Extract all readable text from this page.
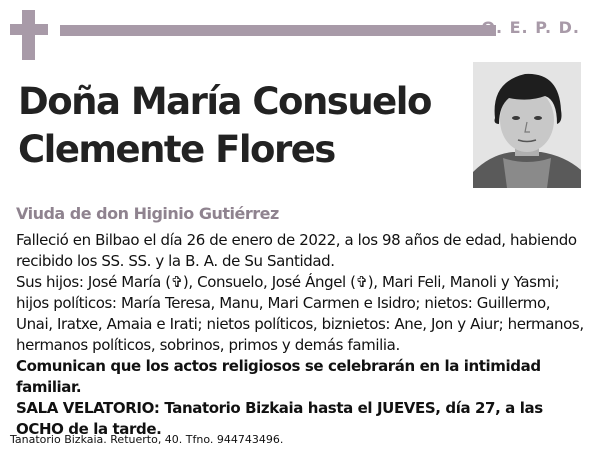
Q. E. P. D.
Doña María Consuelo
Clemente Flores
Viuda de don Higinio Gutiérrez

Falleció en Bilbao el día 26 de enero de 2022, a los 98 años de edad, habiendo recibido los SS. SS. y la B. A. de Su Santidad.

Sus hijos: José María (✞), Consuelo, José Ángel (✞), Mari Feli, Manoli y Yasmi; hijos políticos: María Teresa, Manu, Mari Carmen e Isidro; nietos: Guillermo, Unai, Iratxe, Amaia e Irati; nietos políticos, biznietos: Ane, Jon y Aiur; hermanos, hermanos políticos, sobrinos, primos y demás familia.

Comunican que los actos religiosos se celebrarán en la intimidad familiar.

SALA VELATORIO: Tanatorio Bizkaia hasta el JUEVES, día 27, a las OCHO de la tarde.

Tanatorio Bizkaia. Retuerto, 40. Tfno. 944743496.
